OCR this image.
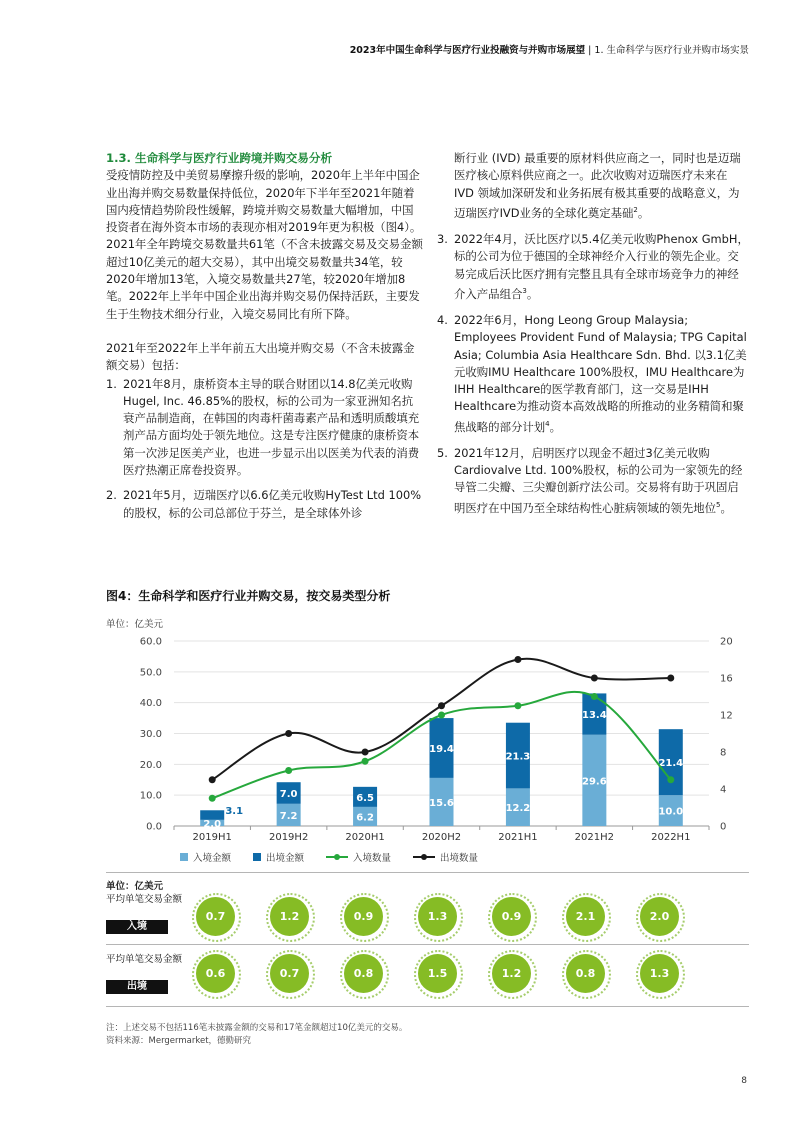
2023年中国生命科学与医疗行业投融资与并购市场展望 | 1. 生命科学与医疗行业并购市场实景
1.3. 生命科学与医疗行业跨境并购交易分析
受疫情防控及中美贸易摩擦升级的影响，2020年上半年中国企业出海并购交易数量保持低位，2020年下半年至2021年随着国内疫情趋势阶段性缓解，跨境并购交易数量大幅增加，中国投资者在海外资本市场的表现亦相对2019年更为积极（图4）。2021年全年跨境交易数量共61笔（不含未披露交易及交易金额超过10亿美元的超大交易），其中出境交易数量共34笔，较2020年增加13笔，入境交易数量共27笔，较2020年增加8笔。2022年上半年中国企业出海并购交易仍保持活跃，主要发生于生物技术细分行业，入境交易同比有所下降。
2021年至2022年上半年前五大出境并购交易（不含未披露金额交易）包括：
1. 2021年8月，康桥资本主导的联合财团以14.8亿美元收购Hugel, Inc. 46.85%的股权，标的公司为一家亚洲知名抗衰产品制造商，在韩国的肉毒杆菌毒素产品和透明质酸填充剂产品方面均处于领先地位。这是专注医疗健康的康桥资本第一次涉足医美产业，也进一步显示出以医美为代表的消费医疗热潮正席卷投资界。
2. 2021年5月，迈瑞医疗以6.6亿美元收购HyTest Ltd 100%的股权，标的公司总部位于芬兰，是全球体外诊
断行业 (IVD) 最重要的原材料供应商之一，同时也是迈瑞医疗核心原料供应商之一。此次收购对迈瑞医疗未来在 IVD 领域加深研发和业务拓展有极其重要的战略意义，为迈瑞医疗IVD业务的全球化奠定基础$^2$。
3. 2022年4月，沃比医疗以5.4亿美元收购Phenox GmbH，标的公司为位于德国的全球神经介入行业的领先企业。交易完成后沃比医疗拥有完整且具有全球市场竞争力的神经介入产品组合$^3$。
4. 2022年6月，Hong Leong Group Malaysia; Employees Provident Fund of Malaysia; TPG Capital Asia; Columbia Asia Healthcare Sdn. Bhd. 以3.1亿美元收购IMU Healthcare 100%股权，IMU Healthcare为IHH Healthcare的医学教育部门，这一交易是IHH Healthcare为推动资本高效战略的所推动的业务精简和聚焦战略的部分计划$^4$。
5. 2021年12月，启明医疗以现金不超过3亿美元收购Cardiovalve Ltd. 100%股权，标的公司为一家领先的经导管二尖瓣、三尖瓣创新疗法公司。交易将有助于巩固启明医疗在中国乃至全球结构性心脏病领域的领先地位$^5$。
图4：生命科学和医疗行业并购交易，按交易类型分析
单位：亿美元
0.0
10.0
20.0
30.0
40.0
50.0
60.0
0
4
8
12
16
20
2019H1	2019H2	2020H1	2020H2	2021H1	2021H2	2022H1
2.0
3.1	7.2
7.0
6.2
6.5	15.6
19.4
12.2
21.3
29.6
13.4
10.0
21.4
入境金额	出境金额	入境数量	出境数量
单位：亿美元
平均单笔交易金额
入境
0.7	1.2	0.9	1.3	0.9	2.1	2.0
平均单笔交易金额
出境
0.6	0.7	0.8	1.5	1.2	0.8	1.3
注：上述交易不包括116笔未披露金额的交易和17笔金额超过10亿美元的交易。
资料来源：Mergermarket，德勤研究
8
